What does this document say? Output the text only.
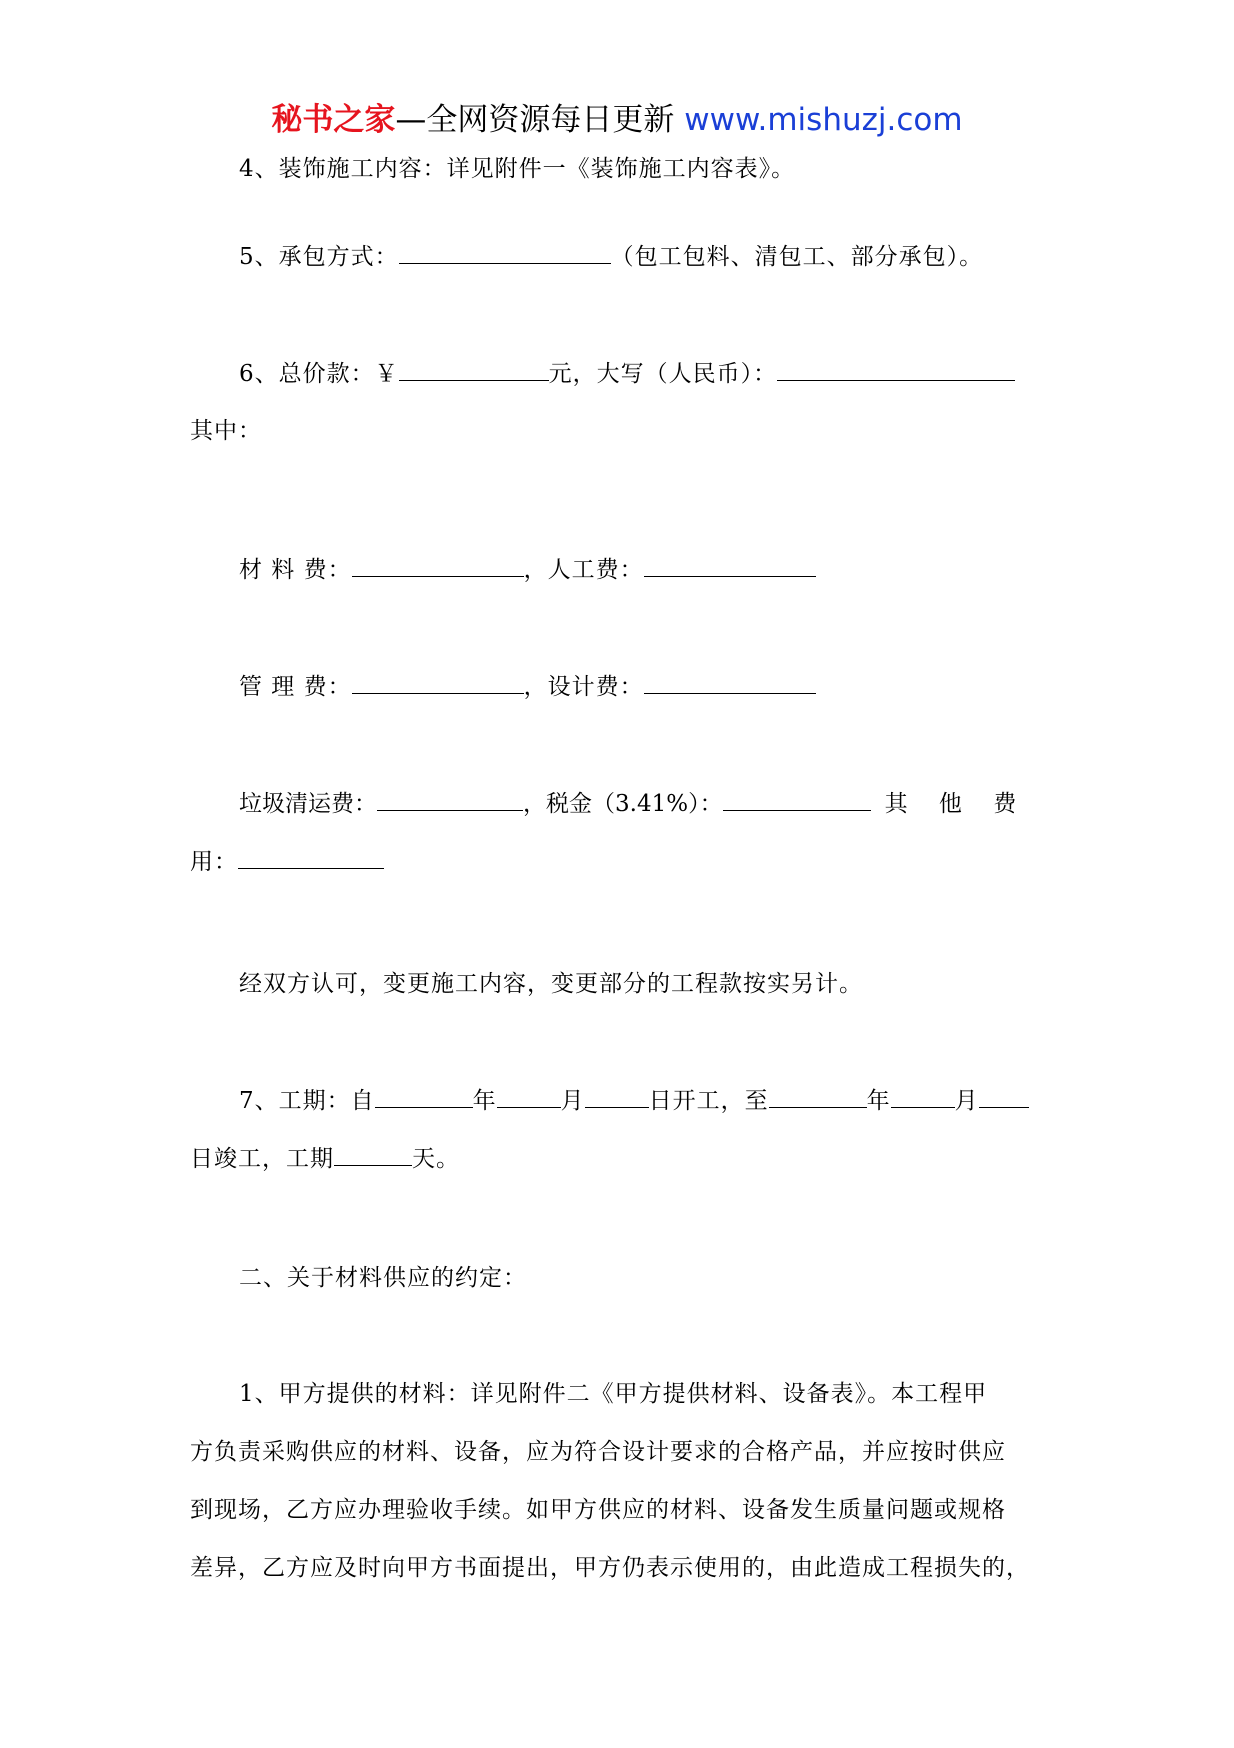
秘书之家—全网资源每日更新 www.mishuzj.com
4、装饰施工内容：详见附件一《装饰施工内容表》。
5、承包方式：	（包工包料、清包工、部分承包）。
6、总价款：￥	元，大写（人民币）：
其中：
材 料 费：	，人工费：
管 理 费：	，设计费：
垃圾清运费：	，税金（3.41%）：	其 他 费
用：
经双方认可，变更施工内容，变更部分的工程款按实另计。
7、工期：自	年	月	日开工，至	年	月
日竣工，工期	天。
二、关于材料供应的约定：
1、甲方提供的材料：详见附件二《甲方提供材料、设备表》。本工程甲
方负责采购供应的材料、设备，应为符合设计要求的合格产品，并应按时供应
到现场，乙方应办理验收手续。如甲方供应的材料、设备发生质量问题或规格
差异，乙方应及时向甲方书面提出，甲方仍表示使用的，由此造成工程损失的，
